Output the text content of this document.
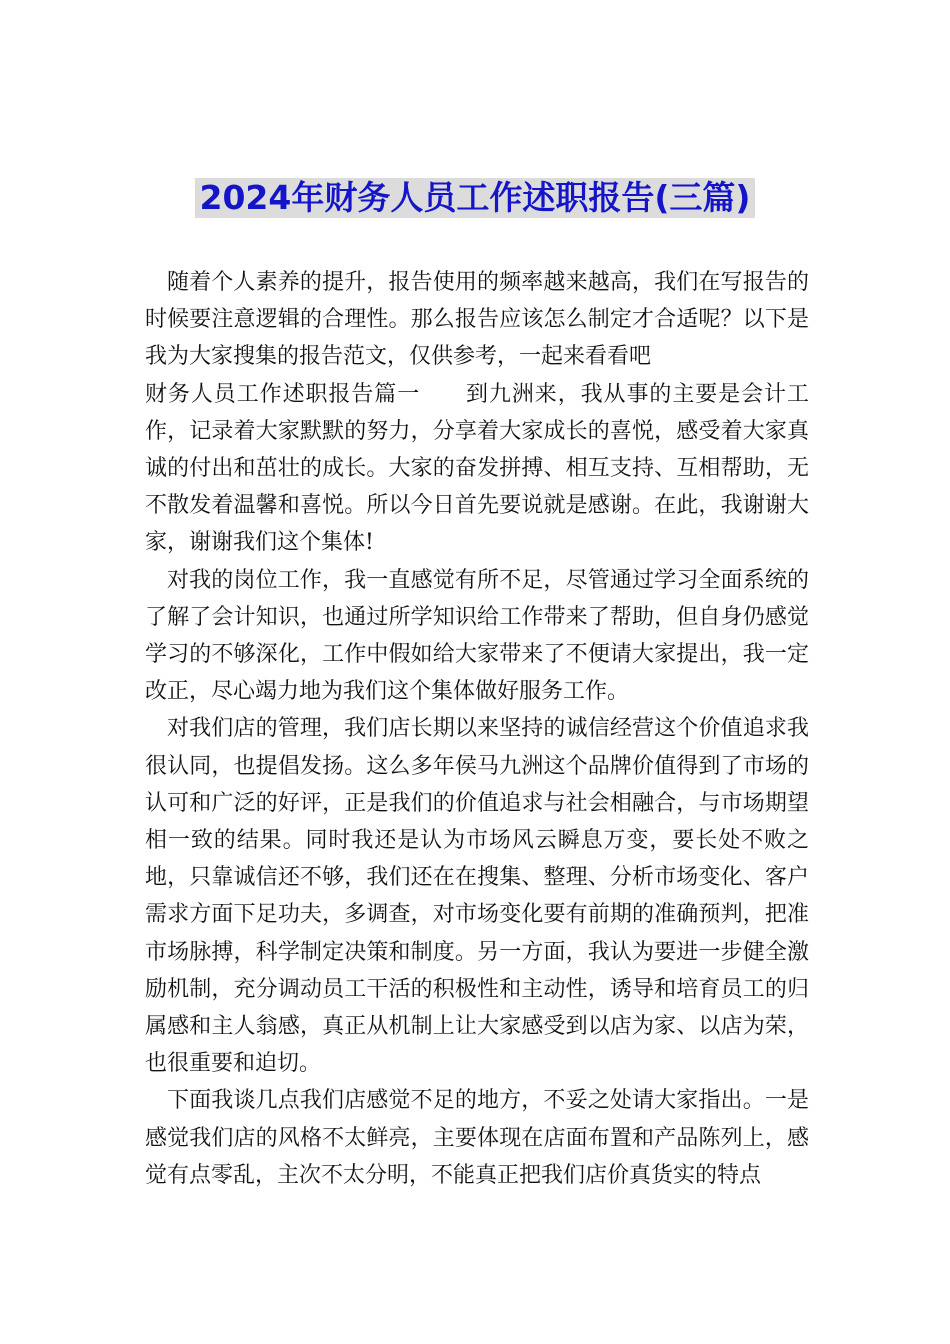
2024年财务人员工作述职报告(三篇)

随着个人素养的提升，报告使用的频率越来越高，我们在写报告的时候要注意逻辑的合理性。那么报告应该怎么制定才合适呢？以下是我为大家搜集的报告范文，仅供参考，一起来看看吧

财务人员工作述职报告篇一　　到九洲来，我从事的主要是会计工作，记录着大家默默的努力，分享着大家成长的喜悦，感受着大家真诚的付出和茁壮的成长。大家的奋发拼搏、相互支持、互相帮助，无不散发着温馨和喜悦。所以今日首先要说就是感谢。在此，我谢谢大家，谢谢我们这个集体!

对我的岗位工作，我一直感觉有所不足，尽管通过学习全面系统的了解了会计知识，也通过所学知识给工作带来了帮助，但自身仍感觉学习的不够深化，工作中假如给大家带来了不便请大家提出，我一定改正，尽心竭力地为我们这个集体做好服务工作。

对我们店的管理，我们店长期以来坚持的诚信经营这个价值追求我很认同，也提倡发扬。这么多年侯马九洲这个品牌价值得到了市场的认可和广泛的好评，正是我们的价值追求与社会相融合，与市场期望相一致的结果。同时我还是认为市场风云瞬息万变，要长处不败之地，只靠诚信还不够，我们还在在搜集、整理、分析市场变化、客户需求方面下足功夫，多调查，对市场变化要有前期的准确预判，把准市场脉搏，科学制定决策和制度。另一方面，我认为要进一步健全激励机制，充分调动员工干活的积极性和主动性，诱导和培育员工的归属感和主人翁感，真正从机制上让大家感受到以店为家、以店为荣，也很重要和迫切。

下面我谈几点我们店感觉不足的地方，不妥之处请大家指出。一是感觉我们店的风格不太鲜亮，主要体现在店面布置和产品陈列上，感觉有点零乱，主次不太分明，不能真正把我们店价真货实的特点
